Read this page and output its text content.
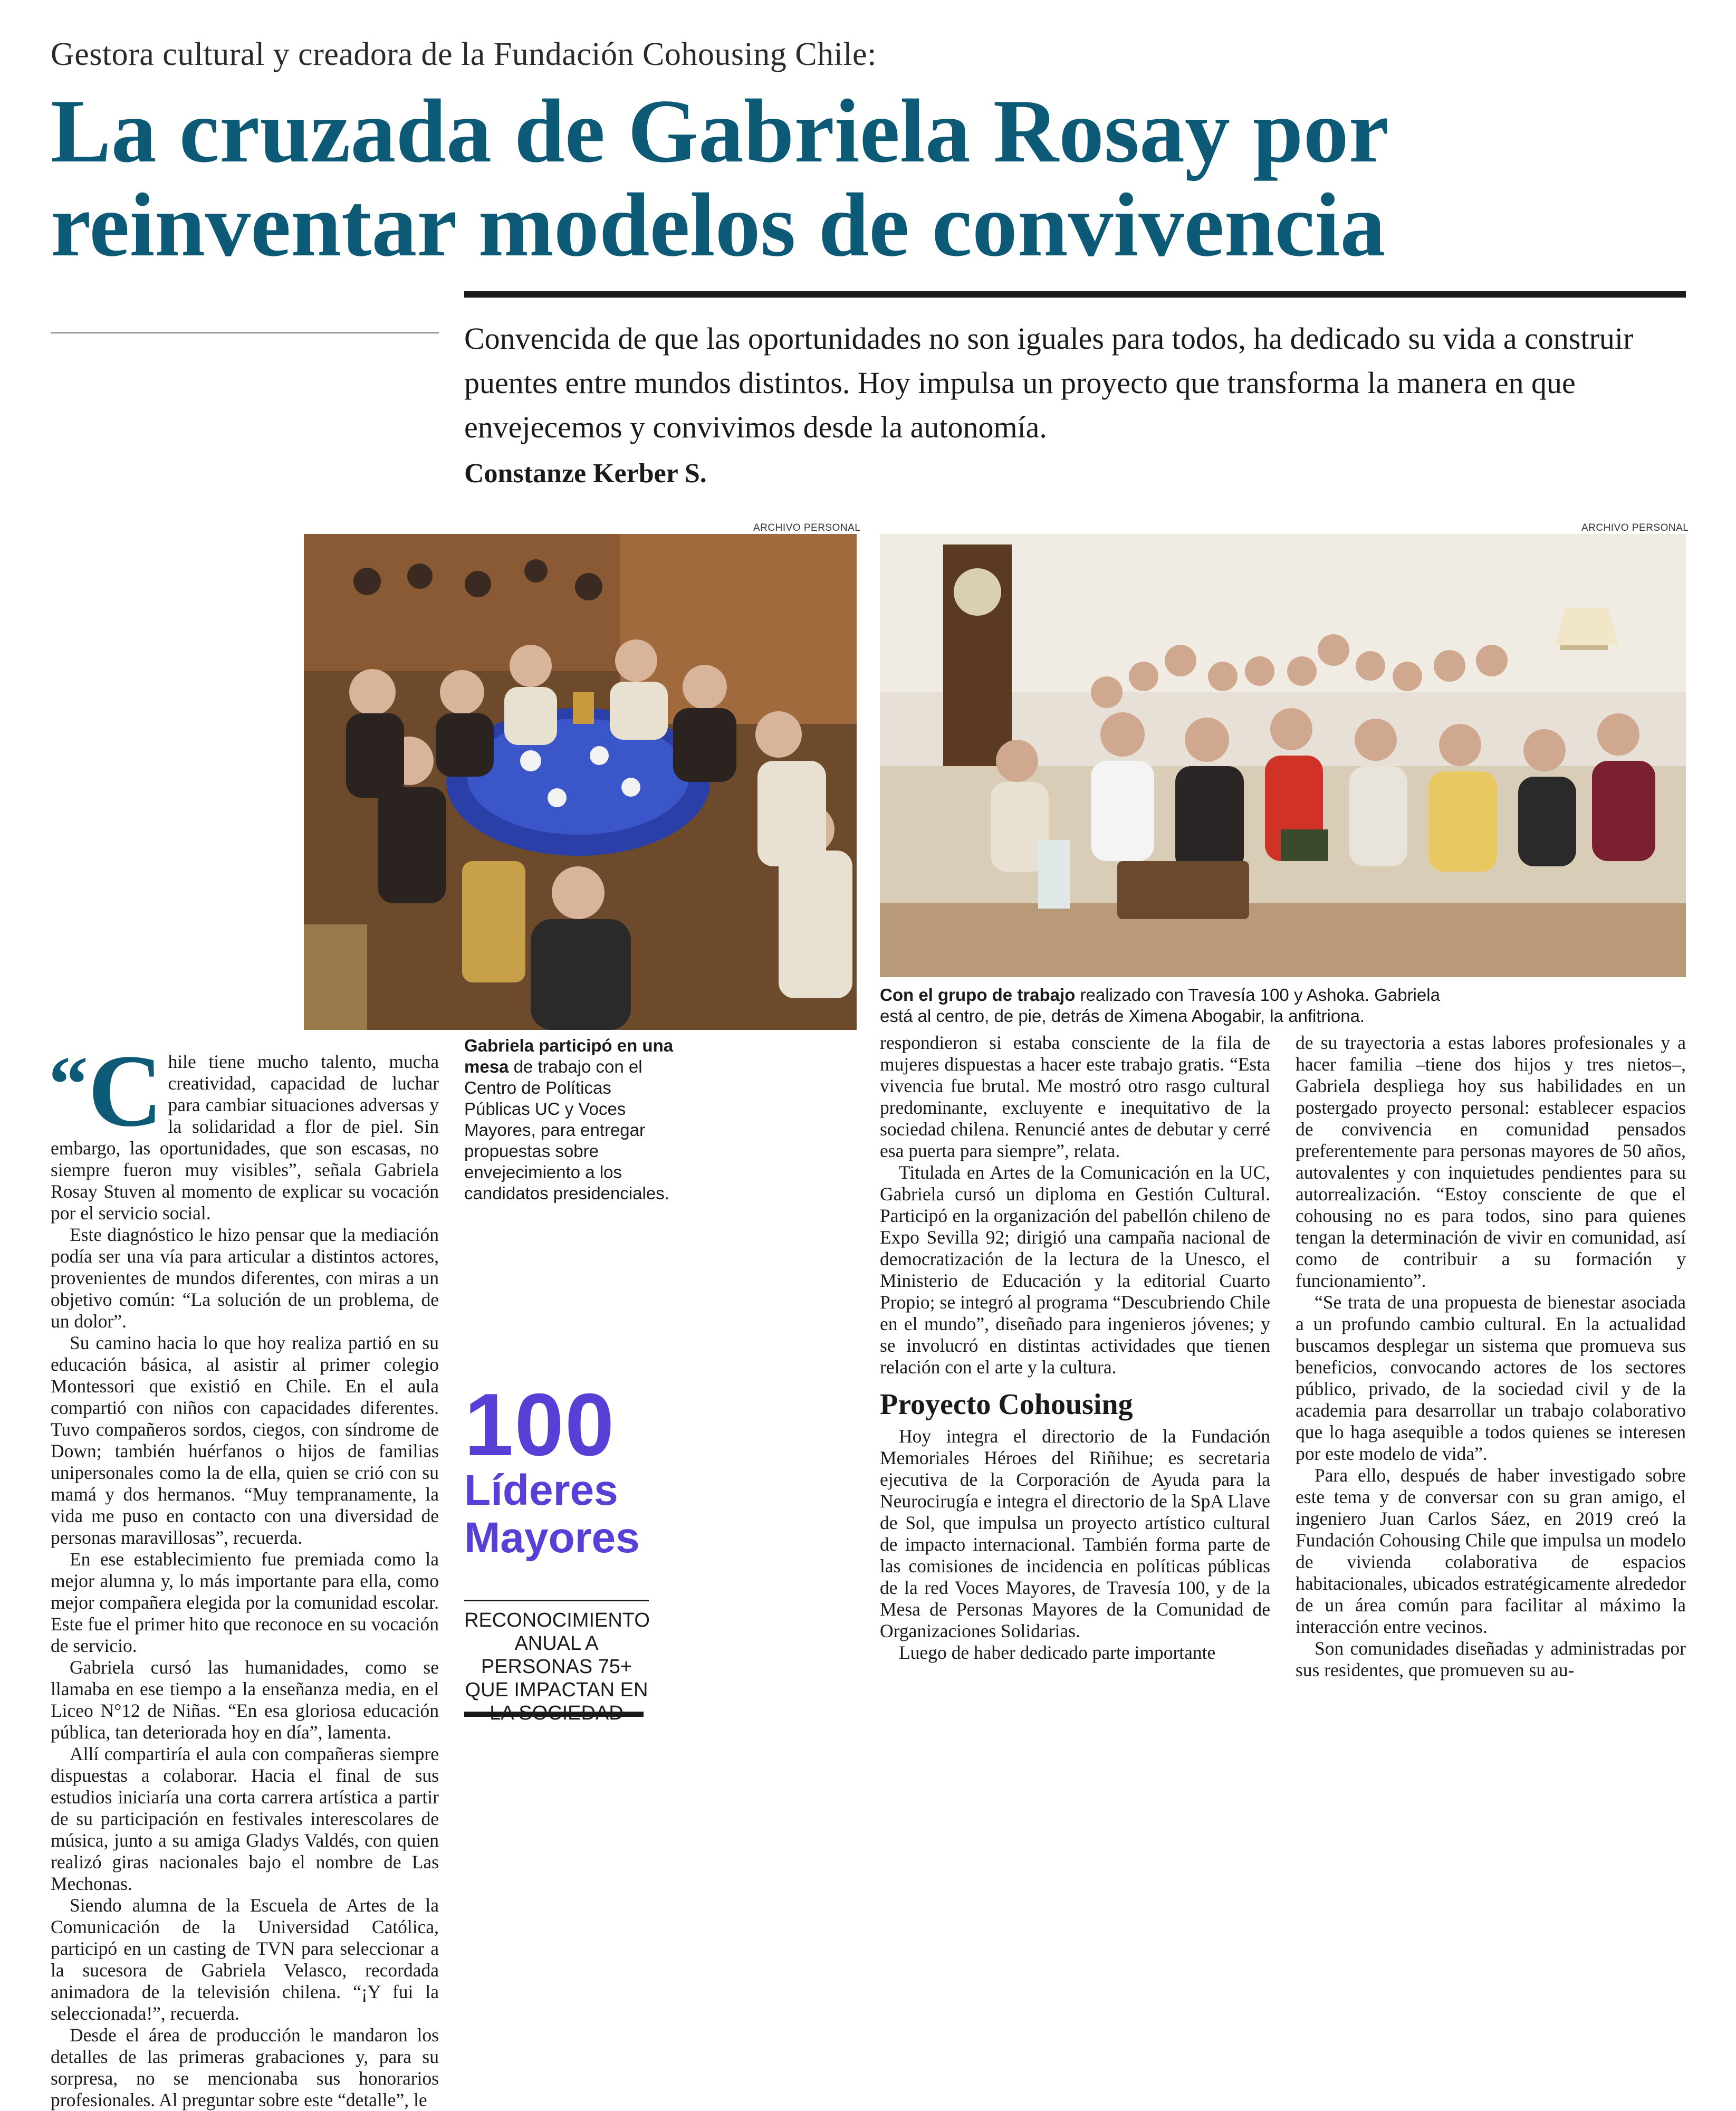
Gestora cultural y creadora de la Fundación Cohousing Chile:
La cruzada de Gabriela Rosay por reinventar modelos de convivencia
Convencida de que las oportunidades no son iguales para todos, ha dedicado su vida a construir puentes entre mundos distintos. Hoy impulsa un proyecto que transforma la manera en que envejecemos y convivimos desde la autonomía.
Constanze Kerber S.
ARCHIVO PERSONAL	ARCHIVO PERSONAL
Gabriela participó en una mesa de trabajo con el Centro de Políticas Públicas UC y Voces Mayores, para entregar propuestas sobre envejecimiento a los candidatos presidenciales.
Con el grupo de trabajo realizado con Travesía 100 y Ashoka. Gabriela está al centro, de pie, detrás de Ximena Abogabir, la anfitriona.

“C hile tiene mucho talento, mucha creatividad, capacidad de luchar para cambiar situaciones adversas y la solidaridad a flor de piel. Sin embargo, las oportunidades, que son escasas, no siempre fueron muy visibles”, señala Gabriela Rosay Stuven al momento de explicar su vocación por el servicio social.

Este diagnóstico le hizo pensar que la mediación podía ser una vía para articular a distintos actores, provenientes de mundos diferentes, con miras a un objetivo común: “La solución de un problema, de un dolor”.

Su camino hacia lo que hoy realiza partió en su educación básica, al asistir al primer colegio Montessori que existió en Chile. En el aula compartió con niños con capacidades diferentes. Tuvo compañeros sordos, ciegos, con síndrome de Down; también huérfanos o hijos de familias unipersonales como la de ella, quien se crió con su mamá y dos hermanos. “Muy tempranamente, la vida me puso en contacto con una diversidad de personas maravillosas”, recuerda.

En ese establecimiento fue premiada como la mejor alumna y, lo más importante para ella, como mejor compañera elegida por la comunidad escolar. Este fue el primer hito que reconoce en su vocación de servicio.

Gabriela cursó las humanidades, como se llamaba en ese tiempo a la enseñanza media, en el Liceo N°12 de Niñas. “En esa gloriosa educación pública, tan deteriorada hoy en día”, lamenta.

Allí compartiría el aula con compañeras siempre dispuestas a colaborar. Hacia el final de sus estudios iniciaría una corta carrera artística a partir de su participación en festivales interescolares de música, junto a su amiga Gladys Valdés, con quien realizó giras nacionales bajo el nombre de Las Mechonas.

Siendo alumna de la Escuela de Artes de la Comunicación de la Universidad Católica, participó en un casting de TVN para seleccionar a la sucesora de Gabriela Velasco, recordada animadora de la televisión chilena. “¡Y fui la seleccionada!”, recuerda.

Desde el área de producción le mandaron los detalles de las primeras grabaciones y, para su sorpresa, no se mencionaba sus honorarios profesionales. Al preguntar sobre este “detalle”, le

100
Líderes
Mayores
RECONOCIMIENTO ANUAL A PERSONAS 75+ QUE IMPACTAN EN

respondieron si estaba consciente de la fila de mujeres dispuestas a hacer este trabajo gratis. “Esta vivencia fue brutal. Me mostró otro rasgo cultural predominante, excluyente e inequitativo de la sociedad chilena. Renuncié antes de debutar y cerré esa puerta para siempre”, relata.

Titulada en Artes de la Comunicación en la UC, Gabriela cursó un diploma en Gestión Cultural. Participó en la organización del pabellón chileno de Expo Sevilla 92; dirigió una campaña nacional de democratización de la lectura de la Unesco, el Ministerio de Educación y la editorial Cuarto Propio; se integró al programa “Descubriendo Chile en el mundo”, diseñado para ingenieros jóvenes; y se involucró en distintas actividades que tienen relación con el arte y la cultura.

Proyecto Cohousing

Hoy integra el directorio de la Fundación Memoriales Héroes del Riñihue; es secretaria ejecutiva de la Corporación de Ayuda para la Neurocirugía e integra el directorio de la SpA Llave de Sol, que impulsa un proyecto artístico cultural de impacto internacional. También forma parte de las comisiones de incidencia en políticas públicas de la red Voces Mayores, de Travesía 100, y de la Mesa de Personas Mayores de la Comunidad de Organizaciones Solidarias.

Luego de haber dedicado parte importante

de su trayectoria a estas labores profesionales y a hacer familia –tiene dos hijos y tres nietos–, Gabriela despliega hoy sus habilidades en un postergado proyecto personal: establecer espacios de convivencia en comunidad pensados preferentemente para personas mayores de 50 años, autovalentes y con inquietudes pendientes para su autorrealización. “Estoy consciente de que el cohousing no es para todos, sino para quienes tengan la determinación de vivir en comunidad, así como de contribuir a su formación y funcionamiento”.

“Se trata de una propuesta de bienestar asociada a un profundo cambio cultural. En la actualidad buscamos desplegar un sistema que promueva sus beneficios, convocando actores de los sectores público, privado, de la sociedad civil y de la academia para desarrollar un trabajo colaborativo que lo haga asequible a todos quienes se interesen por este modelo de vida”.

Para ello, después de haber investigado sobre este tema y de conversar con su gran amigo, el ingeniero Juan Carlos Sáez, en 2019 creó la Fundación Cohousing Chile que impulsa un modelo de vivienda colaborativa de espacios habitacionales, ubicados estratégicamente alrededor de un área común para facilitar al máximo la interacción entre vecinos.

Son comunidades diseñadas y administradas por sus residentes, que promueven su au-
